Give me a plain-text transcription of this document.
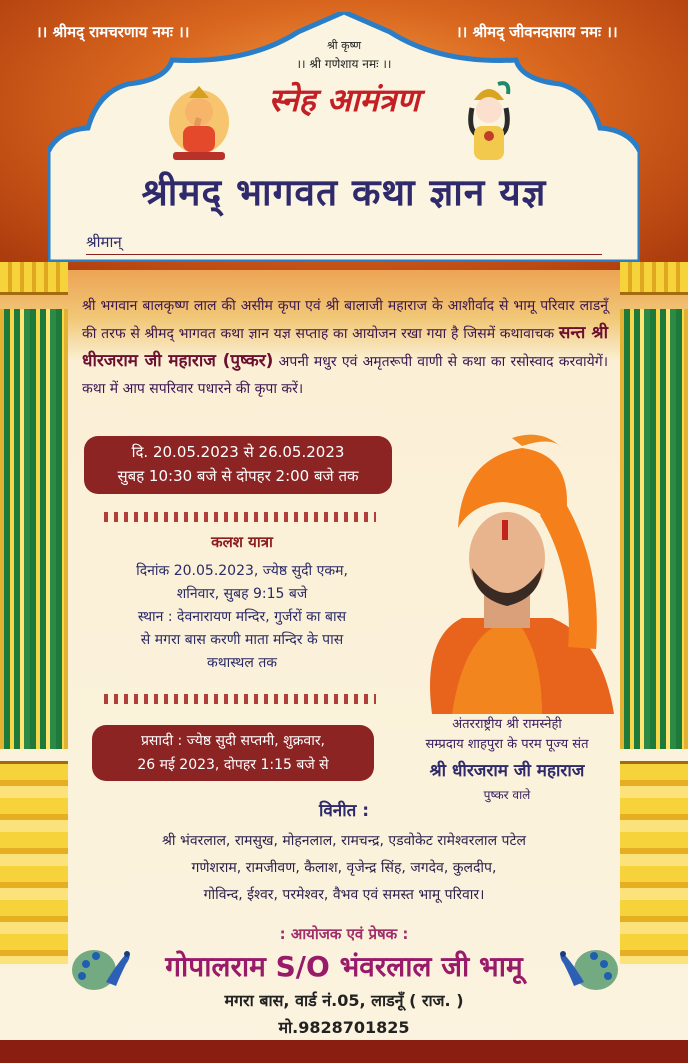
।। श्रीमद् रामचरणाय नमः ।।	।। श्रीमद् जीवनदासाय नमः ।।
श्री कृष्ण
।। श्री गणेशाय नमः ।।
स्नेह आमंत्रण
श्रीमद् भागवत कथा ज्ञान यज्ञ
श्रीमान्
श्री भगवान बालकृष्ण लाल की असीम कृपा एवं श्री बालाजी महाराज के आशीर्वाद से भामू परिवार लाडनूँ की तरफ से श्रीमद् भागवत कथा ज्ञान यज्ञ सप्ताह का आयोजन रखा गया है जिसमें कथावाचक सन्त श्री धीरजराम जी महाराज (पुष्कर) अपनी मधुर एवं अमृतरूपी वाणी से कथा का रसोस्वाद करवायेगें। कथा में आप सपरिवार पधारने की कृपा करें।
दि. 20.05.2023 से 26.05.2023
सुबह 10:30 बजे से दोपहर 2:00 बजे तक
कलश यात्रा
दिनांक 20.05.2023, ज्येष्ठ सुदी एकम,
शनिवार, सुबह 9:15 बजे
स्थान : देवनारायण मन्दिर, गुर्जरों का बास
से मगरा बास करणी माता मन्दिर के पास
कथास्थल तक
प्रसादी : ज्येष्ठ सुदी सप्तमी, शुक्रवार,
26 मई 2023, दोपहर 1:15 बजे से
अंतरराष्ट्रीय श्री रामस्नेही
सम्प्रदाय शाहपुरा के परम पूज्य संत
श्री धीरजराम जी महाराज
पुष्कर वाले
विनीत :
श्री भंवरलाल, रामसुख, मोहनलाल, रामचन्द्र, एडवोकेट रामेश्वरलाल पटेल
गणेशराम, रामजीवण, कैलाश, वृजेन्द्र सिंह, जगदेव, कुलदीप,
गोविन्द, ईश्वर, परमेश्वर, वैभव एवं समस्त भामू परिवार।
: आयोजक एवं प्रेषक :
गोपालराम S/O भंवरलाल जी भामू
मगरा बास, वार्ड नं.05, लाडनूँ ( राज. )
मो.9828701825
